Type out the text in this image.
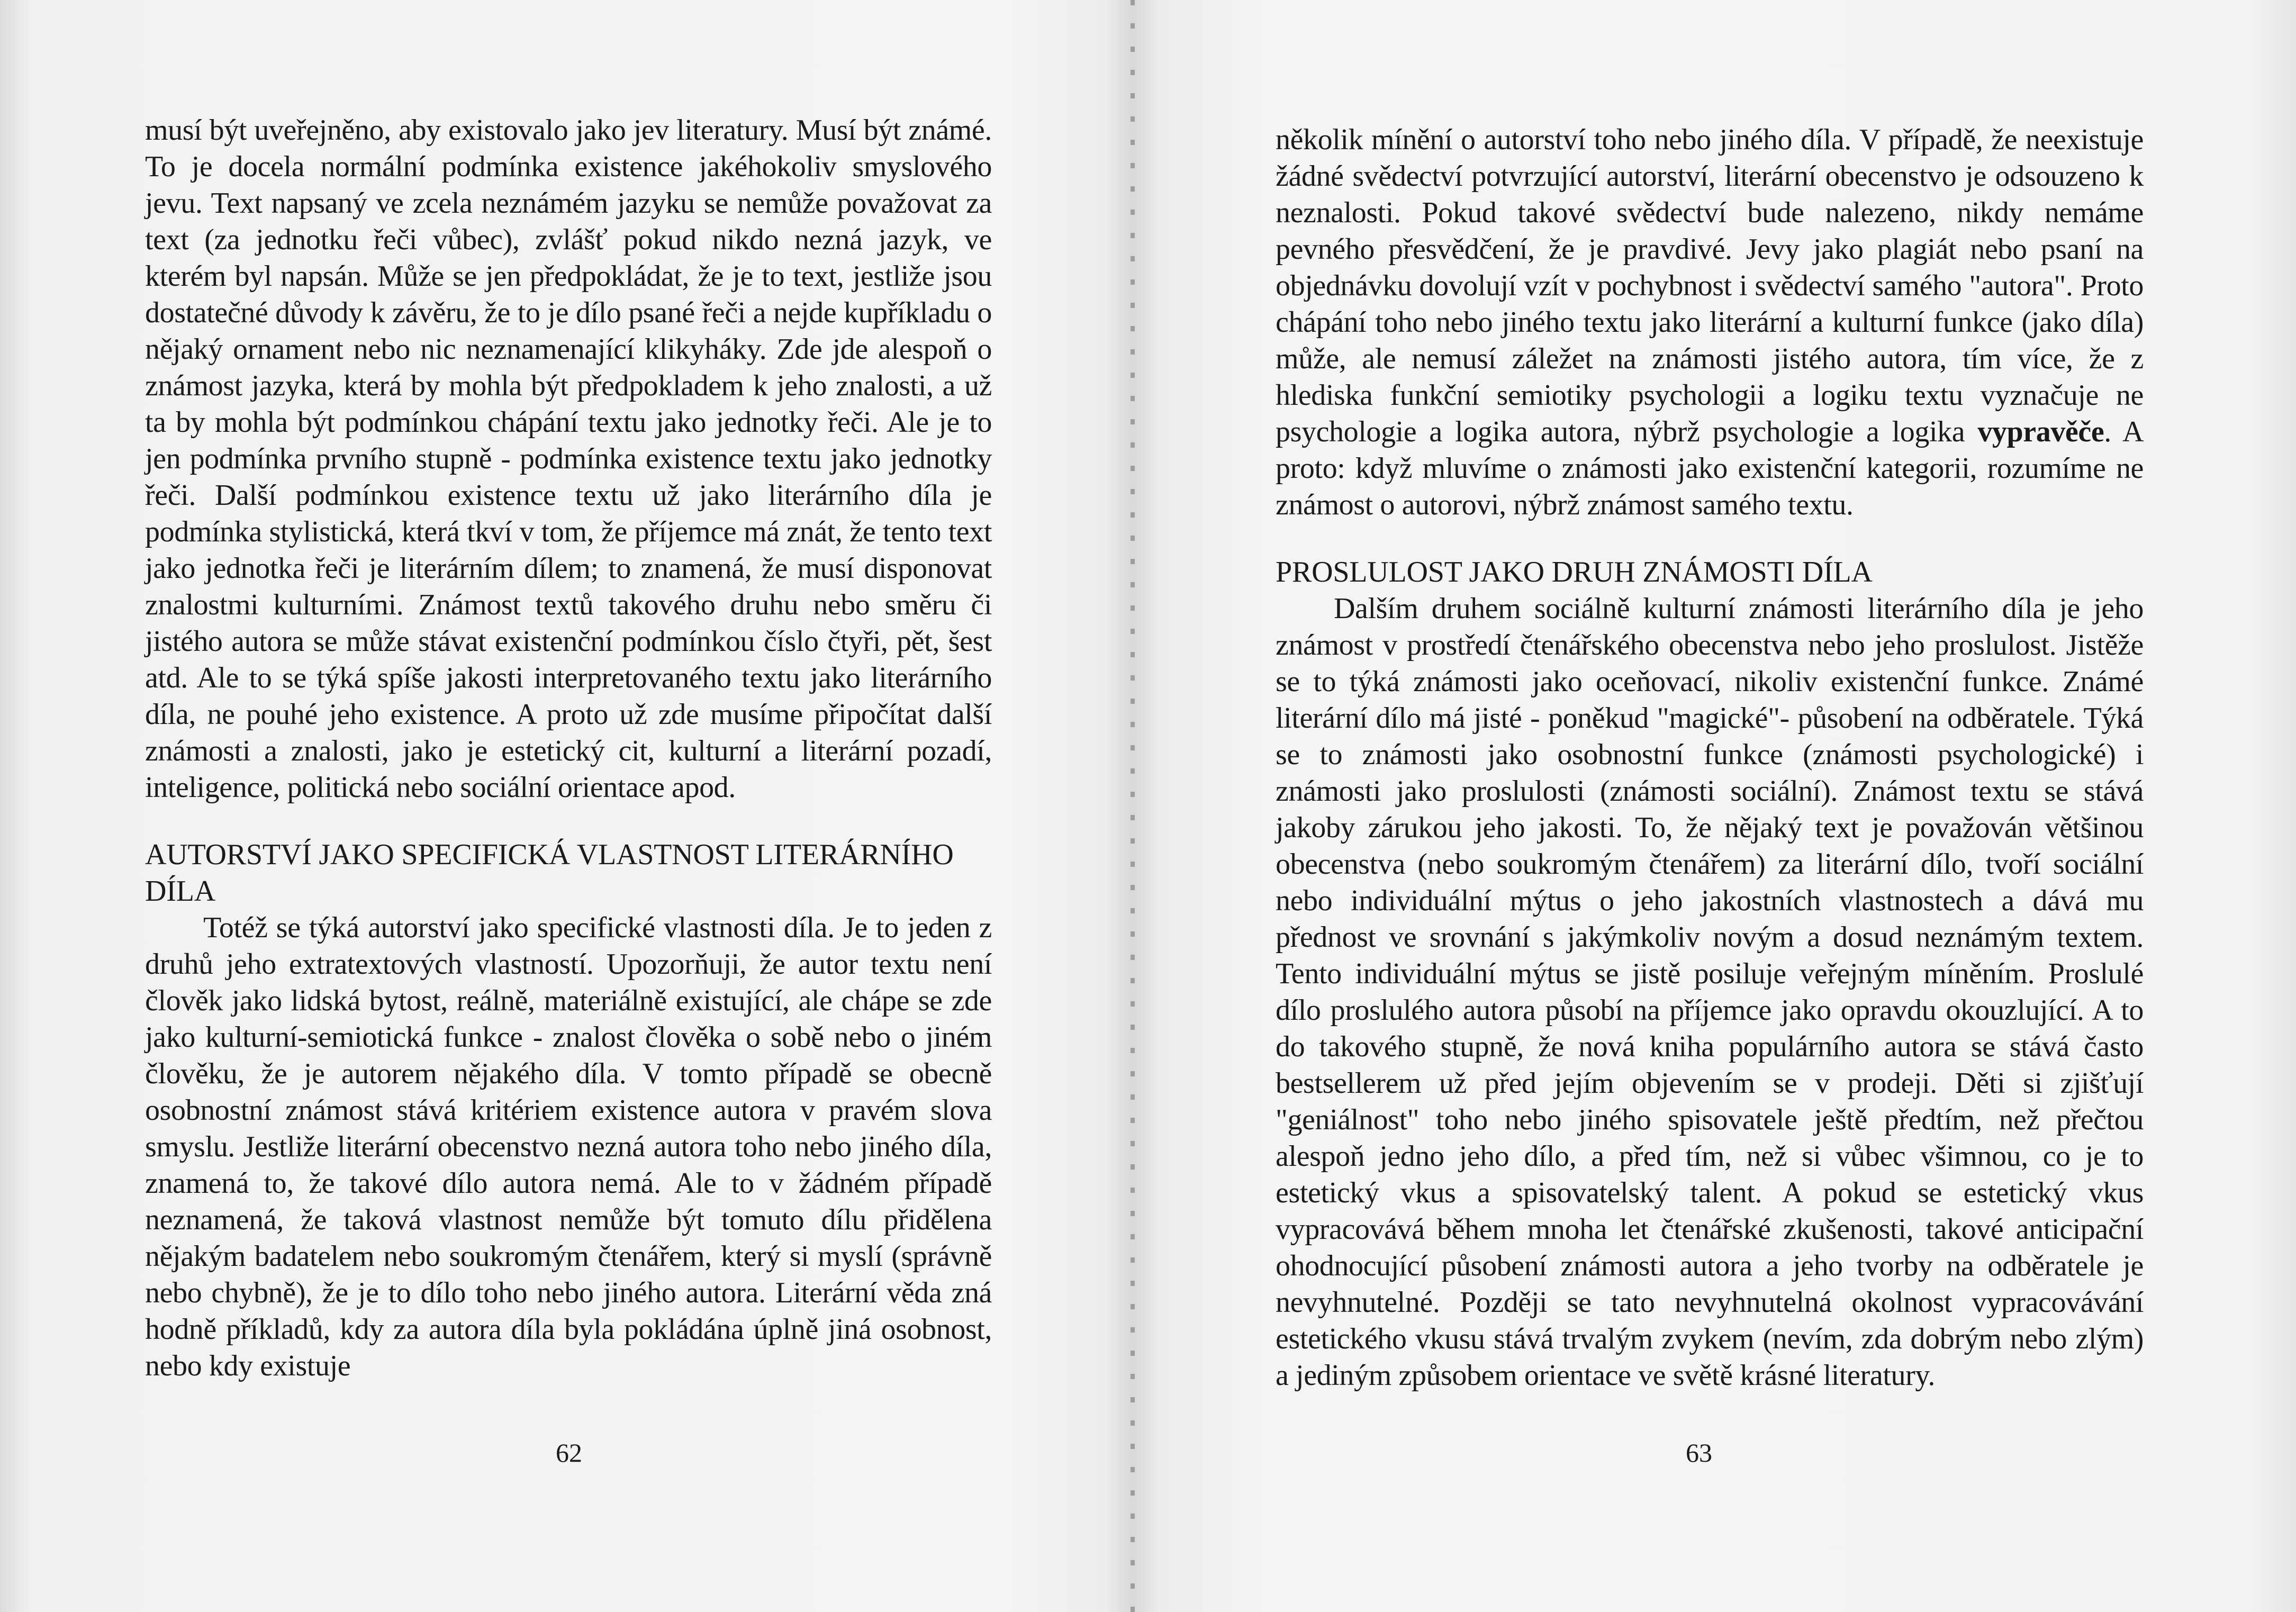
musí být uveřejněno, aby existovalo jako jev literatury. Musí být známé. To je docela normální podmínka existence jakéhokoliv smyslového jevu. Text napsaný ve zcela neznámém jazyku se nemůže považovat za text (za jednotku řeči vůbec), zvlášť pokud nikdo nezná jazyk, ve kterém byl napsán. Může se jen předpokládat, že je to text, jestliže jsou dostatečné důvody k závěru, že to je dílo psané řeči a nejde kupříkladu o nějaký ornament nebo nic neznamenající klikyháky. Zde jde alespoň o známost jazyka, která by mohla být předpokladem k jeho znalosti, a už ta by mohla být podmínkou chápání textu jako jednotky řeči. Ale je to jen podmínka prvního stupně - podmínka existence textu jako jednotky řeči. Další podmínkou existence textu už jako literárního díla je podmínka stylistická, která tkví v tom, že příjemce má znát, že tento text jako jednotka řeči je literárním dílem; to znamená, že musí disponovat znalostmi kulturními. Známost textů takového druhu nebo směru či jistého autora se může stávat existenční podmínkou číslo čtyři, pět, šest atd. Ale to se týká spíše jakosti interpretovaného textu jako literárního díla, ne pouhé jeho existence. A proto už zde musíme připočítat další známosti a znalosti, jako je estetický cit, kulturní a literární pozadí, inteligence, politická nebo sociální orientace apod.

AUTORSTVÍ JAKO SPECIFICKÁ VLASTNOST LITERÁRNÍHO DÍLA

Totéž se týká autorství jako specifické vlastnosti díla. Je to jeden z druhů jeho extratextových vlastností. Upozorňuji, že autor textu není člověk jako lidská bytost, reálně, materiálně existující, ale chápe se zde jako kulturní-semiotická funkce - znalost člověka o sobě nebo o jiném člověku, že je autorem nějakého díla. V tomto případě se obecně osobnostní známost stává kritériem existence autora v pravém slova smyslu. Jestliže literární obecenstvo nezná autora toho nebo jiného díla, znamená to, že takové dílo autora nemá. Ale to v žádném případě neznamená, že taková vlastnost nemůže být tomuto dílu přidělena nějakým badatelem nebo soukromým čtenářem, který si myslí (správně nebo chybně), že je to dílo toho nebo jiného autora. Literární věda zná hodně příkladů, kdy za autora díla byla pokládána úplně jiná osobnost, nebo kdy existuje

62

několik mínění o autorství toho nebo jiného díla. V případě, že neexistuje žádné svědectví potvrzující autorství, literární obecenstvo je odsouzeno k neznalosti. Pokud takové svědectví bude nalezeno, nikdy nemáme pevného přesvědčení, že je pravdivé. Jevy jako plagiát nebo psaní na objednávku dovolují vzít v pochybnost i svědectví samého "autora". Proto chápání toho nebo jiného textu jako literární a kulturní funkce (jako díla) může, ale nemusí záležet na známosti jistého autora, tím více, že z hlediska funkční semiotiky psychologii a logiku textu vyznačuje ne psychologie a logika autora, nýbrž psychologie a logika vypravěče. A proto: když mluvíme o známosti jako existenční kategorii, rozumíme ne známost o autorovi, nýbrž známost samého textu.

PROSLULOST JAKO DRUH ZNÁMOSTI DÍLA

Dalším druhem sociálně kulturní známosti literárního díla je jeho známost v prostředí čtenářského obecenstva nebo jeho proslulost. Jistěže se to týká známosti jako oceňovací, nikoliv existenční funkce. Známé literární dílo má jisté - poněkud "magické"- působení na odběratele. Týká se to známosti jako osobnostní funkce (známosti psychologické) i známosti jako proslulosti (známosti sociální). Známost textu se stává jakoby zárukou jeho jakosti. To, že nějaký text je považován většinou obecenstva (nebo soukromým čtenářem) za literární dílo, tvoří sociální nebo individuální mýtus o jeho jakostních vlastnostech a dává mu přednost ve srovnání s jakýmkoliv novým a dosud neznámým textem. Tento individuální mýtus se jistě posiluje veřejným míněním. Proslulé dílo proslulého autora působí na příjemce jako opravdu okouzlující. A to do takového stupně, že nová kniha populárního autora se stává často bestsellerem už před jejím objevením se v prodeji. Děti si zjišťují "geniálnost" toho nebo jiného spisovatele ještě předtím, než přečtou alespoň jedno jeho dílo, a před tím, než si vůbec všimnou, co je to estetický vkus a spisovatelský talent. A pokud se estetický vkus vypracovává během mnoha let čtenářské zkušenosti, takové anticipační ohodnocující působení známosti autora a jeho tvorby na odběratele je nevyhnutelné. Později se tato nevyhnutelná okolnost vypracovávání estetického vkusu stává trvalým zvykem (nevím, zda dobrým nebo zlým) a jediným způsobem orientace ve světě krásné literatury.

63
